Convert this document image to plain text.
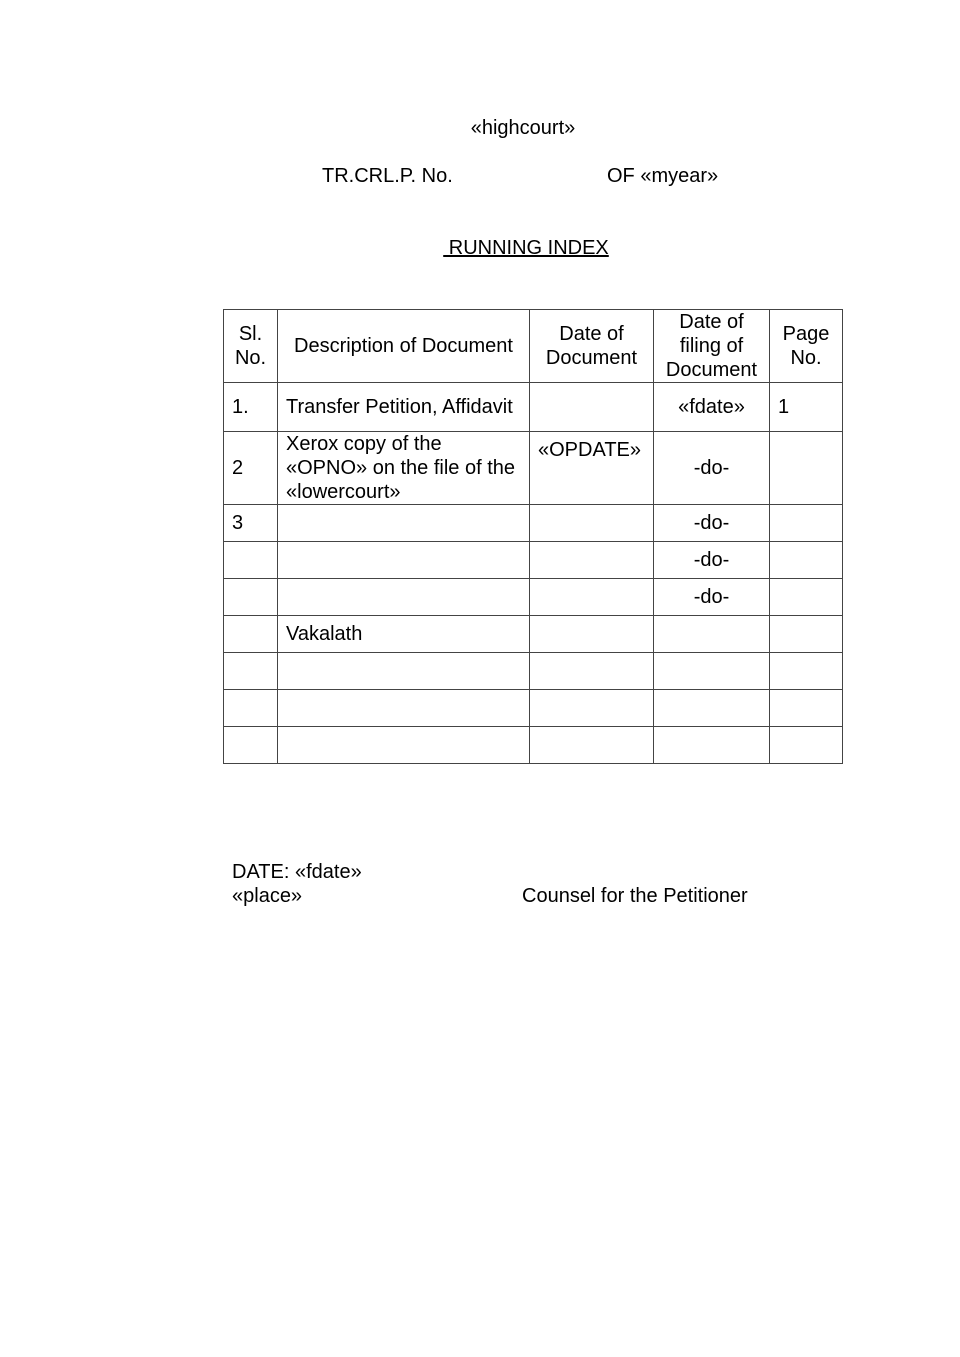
«highcourt»
TR.CRL.P. No.	OF «myear»
RUNNING INDEX
Sl. No.	Description of Document	Date of Document	Date of filing of Document	Page No.
1.	Transfer Petition, Affidavit		«fdate»	1
2	Xerox copy of the «OPNO» on the file of the «lowercourt»	«OPDATE»	-do-	
3			-do-	
			-do-	
			-do-	
	Vakalath			

DATE: «fdate»
«place»	Counsel for the Petitioner
